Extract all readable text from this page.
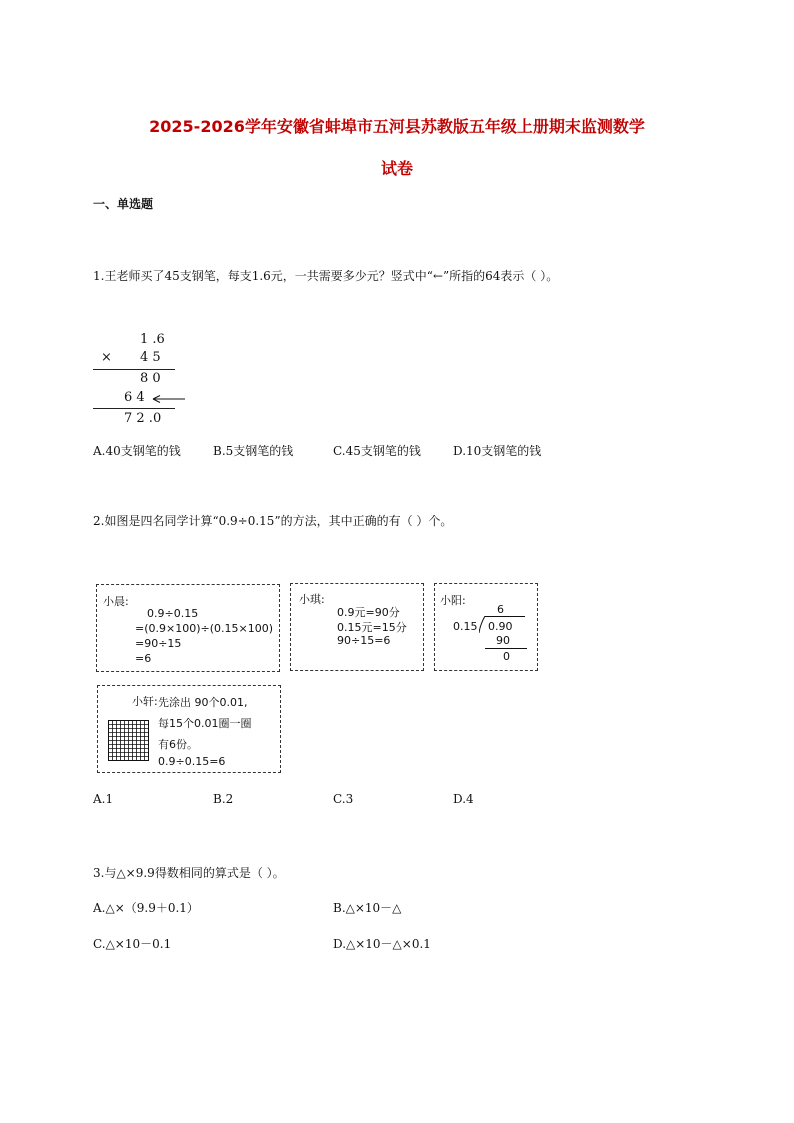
2025-2026学年安徽省蚌埠市五河县苏教版五年级上册期末监测数学
试卷
一、单选题
1.王老师买了45支钢笔，每支1.6元，一共需要多少元？竖式中“←”所指的64表示（ ）。
1 .6
× 4 5
8 0
6 4
7 2 .0
A.40支钢笔的钱	B.5支钢笔的钱	C.45支钢笔的钱	D.10支钢笔的钱
2.如图是四名同学计算“0.9÷0.15”的方法，其中正确的有（ ）个。
小晨:
0.9÷0.15
=(0.9×100)÷(0.15×100)
=90÷15
=6
小琪:
0.9元=90分
0.15元=15分
90÷15=6
小阳:
6
0.15 0.90
90
0
小轩: 先涂出 90个0.01,
每15个0.01圈一圈
有6份。
0.9÷0.15=6
A.1	B.2	C.3	D.4
3.与△×9.9得数相同的算式是（ ）。
A.△×（9.9＋0.1）	B.△×10－△
C.△×10－0.1	D.△×10－△×0.1
